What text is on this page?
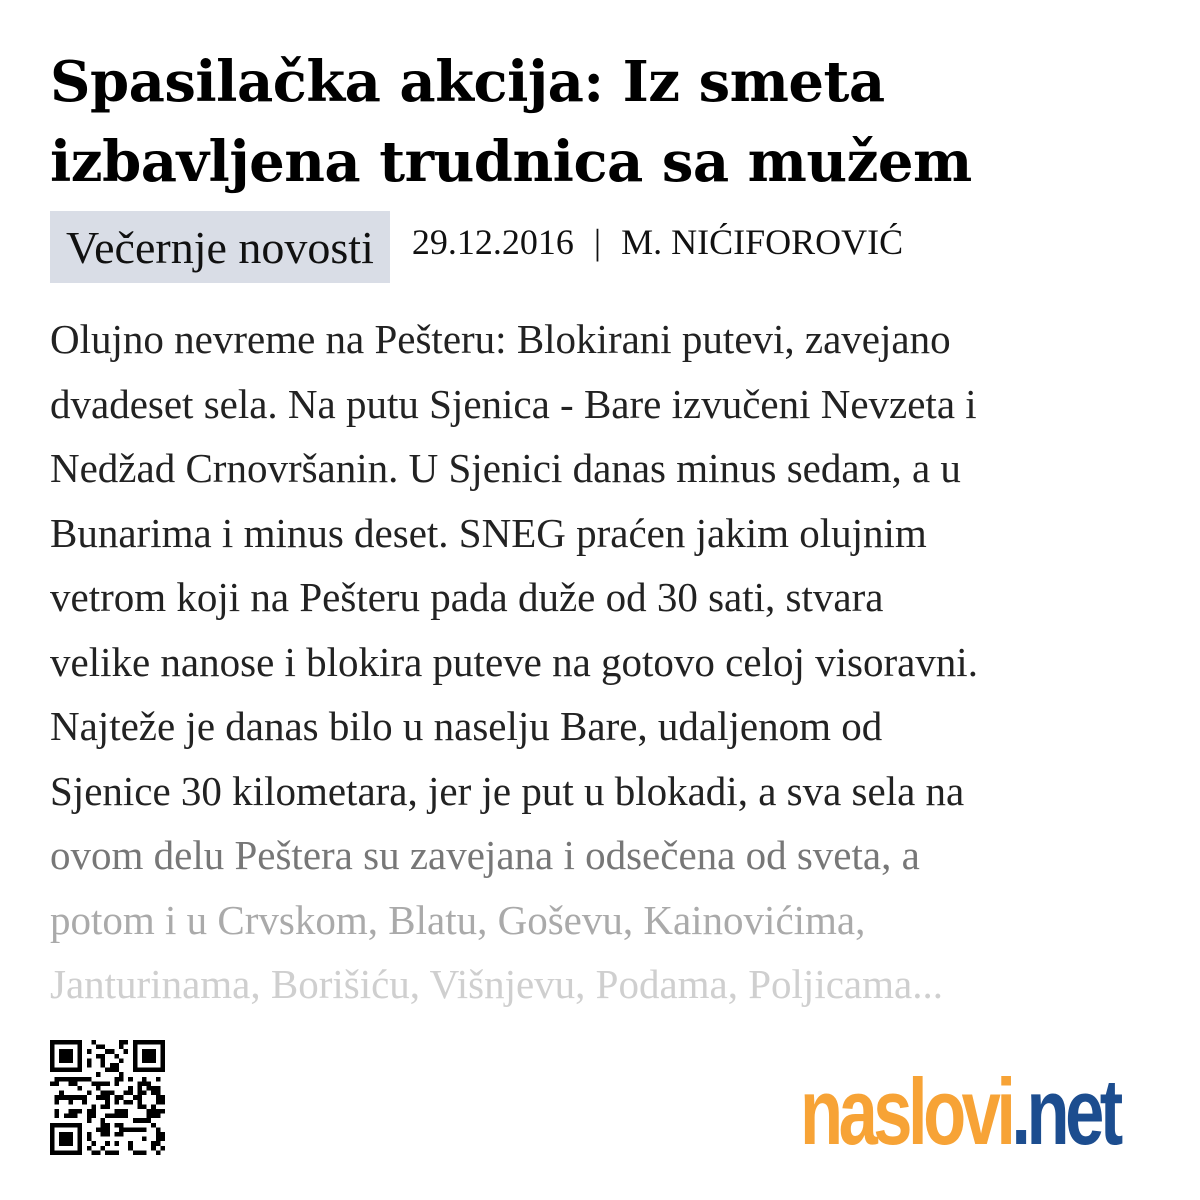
Spasilačka akcija: Iz smeta
izbavljena trudnica sa mužem
Večernje novosti 29.12.2016 | M. NIĆIFOROVIĆ
Olujno nevreme na Pešteru: Blokirani putevi, zavejano
dvadeset sela. Na putu Sjenica - Bare izvučeni Nevzeta i
Nedžad Crnovršanin. U Sjenici danas minus sedam, a u
Bunarima i minus deset. SNEG praćen jakim olujnim
vetrom koji na Pešteru pada duže od 30 sati, stvara
velike nanose i blokira puteve na gotovo celoj visoravni.
Najteže je danas bilo u naselju Bare, udaljenom od
Sjenice 30 kilometara, jer je put u blokadi, a sva sela na
ovom delu Peštera su zavejana i odsečena od sveta, a
potom i u Crvskom, Blatu, Goševu, Kainovićima,
Janturinama, Borišiću, Višnjevu, Podama, Poljicama...
naslovi.net
